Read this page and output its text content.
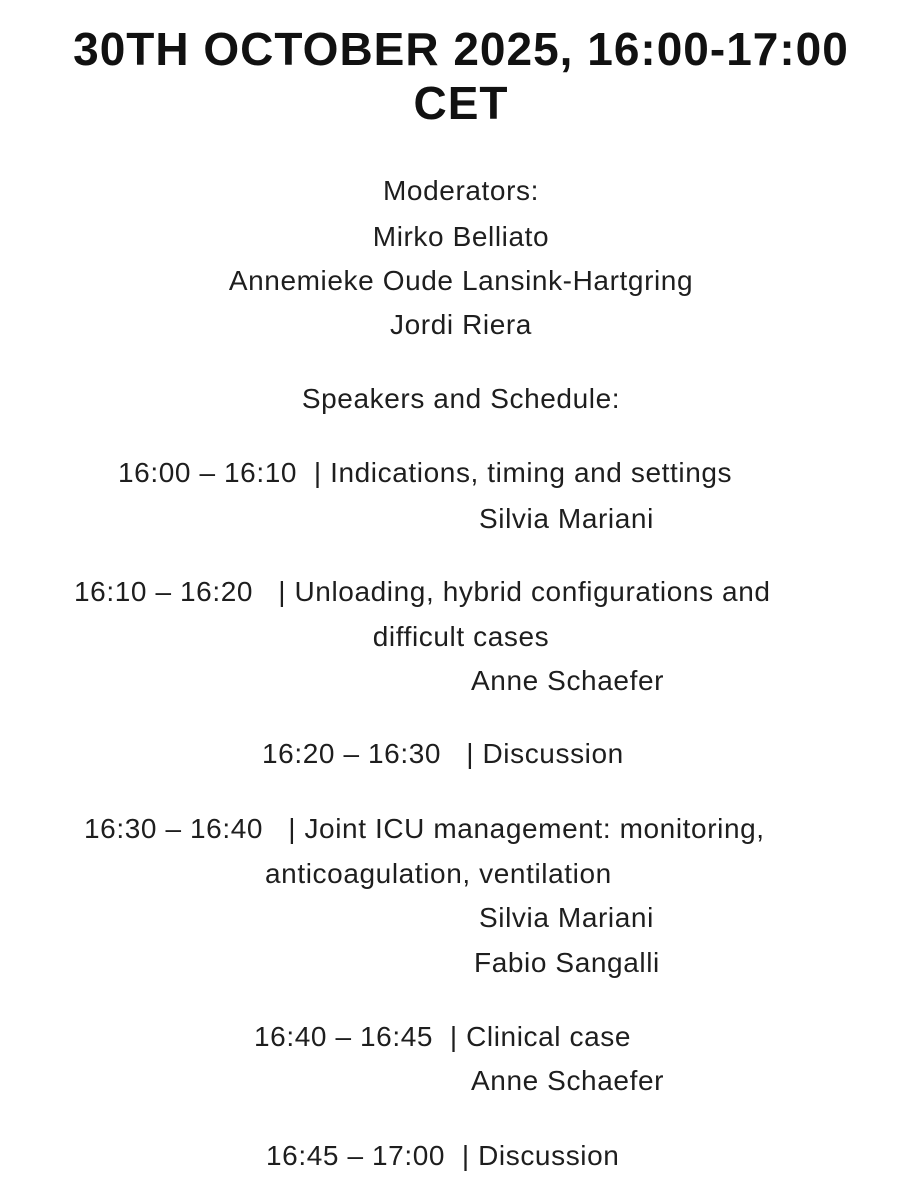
30TH OCTOBER 2025, 16:00-17:00
CET
Moderators:
Mirko Belliato
Annemieke Oude Lansink-Hartgring
Jordi Riera
Speakers and Schedule:
16:00 – 16:10  | Indications, timing and settings
Silvia Mariani
16:10 – 16:20   | Unloading, hybrid configurations and
difficult cases
Anne Schaefer
16:20 – 16:30   | Discussion
16:30 – 16:40   | Joint ICU management: monitoring,
anticoagulation, ventilation
Silvia Mariani
Fabio Sangalli
16:40 – 16:45  | Clinical case
Anne Schaefer
16:45 – 17:00  | Discussion
